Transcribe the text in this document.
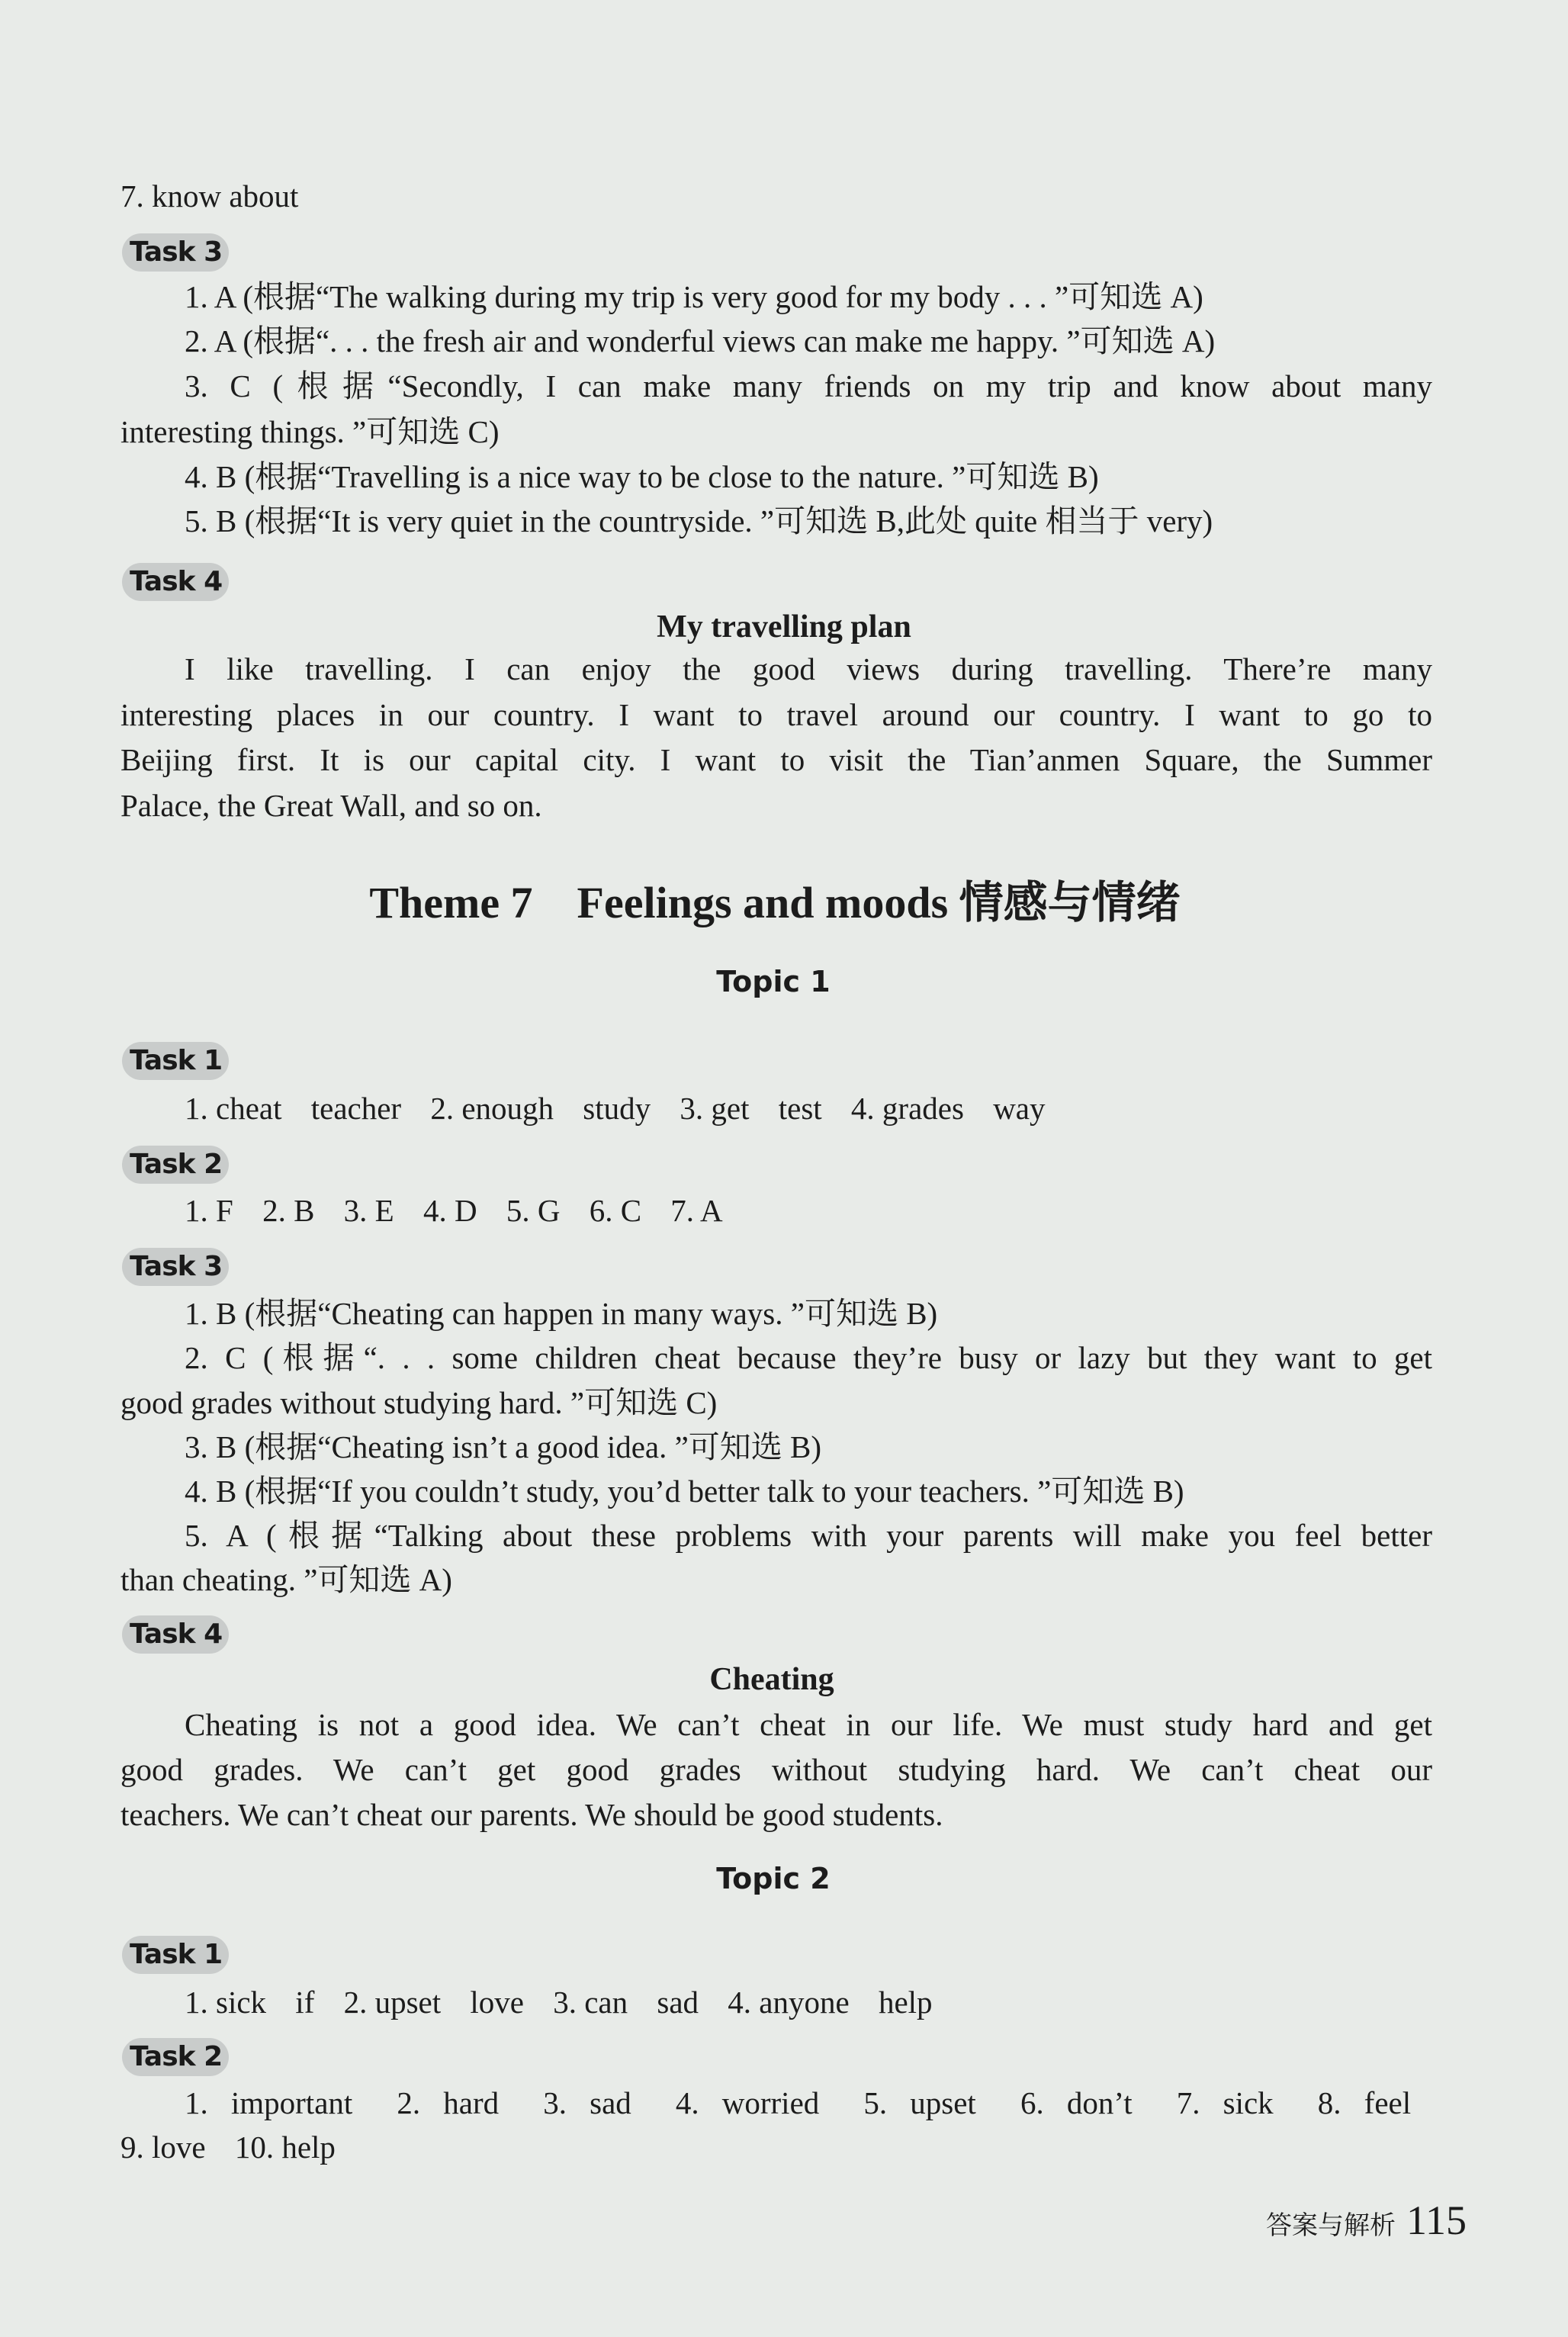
7. know about
Task 3
1. A (根据“The walking during my trip is very good for my body . . . ”可知选 A)
2. A (根据“. . . the fresh air and wonderful views can make me happy. ”可知选 A)
3. C (根据“Secondly, I can make many friends on my trip and know about many
interesting things. ”可知选 C)
4. B (根据“Travelling is a nice way to be close to the nature. ”可知选 B)
5. B (根据“It is very quiet in the countryside. ”可知选 B,此处 quite 相当于 very)
Task 4
My travelling plan
I like travelling. I can enjoy the good views during travelling. There’re many
interesting places in our country. I want to travel around our country. I want to go to
Beijing first. It is our capital city. I want to visit the Tian’anmen Square, the Summer
Palace, the Great Wall, and so on.
Theme 7　Feelings and moods 情感与情绪
Topic 1
Task 1
1. cheat teacher 2. enough study 3. get test 4. grades way
Task 2
1. F 2. B 3. E 4. D 5. G 6. C 7. A
Task 3
1. B (根据“Cheating can happen in many ways. ”可知选 B)
2. C (根据“. . . some children cheat because they’re busy or lazy but they want to get
good grades without studying hard. ”可知选 C)
3. B (根据“Cheating isn’t a good idea. ”可知选 B)
4. B (根据“If you couldn’t study, you’d better talk to your teachers. ”可知选 B)
5. A (根据“Talking about these problems with your parents will make you feel better
than cheating. ”可知选 A)
Task 4
Cheating
Cheating is not a good idea. We can’t cheat in our life. We must study hard and get
good grades. We can’t get good grades without studying hard. We can’t cheat our
teachers. We can’t cheat our parents. We should be good students.
Topic 2
Task 1
1. sick if 2. upset love 3. can sad 4. anyone help
Task 2
1. important 2. hard 3. sad 4. worried 5. upset 6. don’t 7. sick 8. feel
9. love 10. help
答案与解析 115
